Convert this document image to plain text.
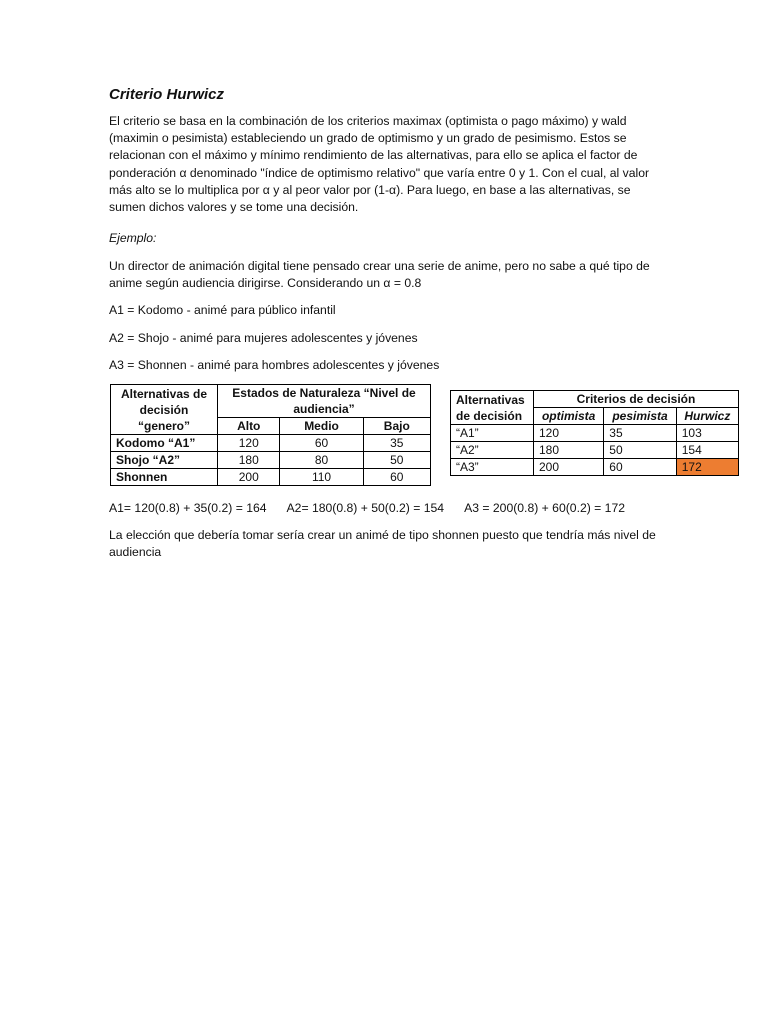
Criterio Hurwicz

El criterio se basa en la combinación de los criterios maximax (optimista o pago máximo) y wald (maximin o pesimista) estableciendo un grado de optimismo y un grado de pesimismo. Estos se relacionan con el máximo y mínimo rendimiento de las alternativas, para ello se aplica el factor de ponderación α denominado "índice de optimismo relativo" que varía entre 0 y 1. Con el cual, al valor más alto se lo multiplica por α y al peor valor por (1-α). Para luego, en base a las alternativas, se sumen dichos valores y se tome una decisión.

Ejemplo:

Un director de animación digital tiene pensado crear una serie de anime, pero no sabe a qué tipo de anime según audiencia dirigirse. Considerando un α = 0.8

A1 = Kodomo - animé para público infantil

A2 = Shojo - animé para mujeres adolescentes y jóvenes

A3 = Shonnen - animé para hombres adolescentes y jóvenes

Alternativas de decisión “genero”	Estados de Naturaleza “Nivel de audiencia”		
	Alto	Medio	Bajo
Kodomo “A1”	120	60	35
Shojo “A2”	180	80	50
Shonnen	200	110	60
Alternativas de decisión	Criterios de decisión		
	optimista	pesimista	Hurwicz
“A1”	120	35	103
“A2”	180	50	154
“A3”	200	60	172

A1= 120(0.8) + 35(0.2) = 164 A2= 180(0.8) + 50(0.2) = 154 A3 = 200(0.8) + 60(0.2) = 172

La elección que debería tomar sería crear un animé de tipo shonnen puesto que tendría más nivel de audiencia
